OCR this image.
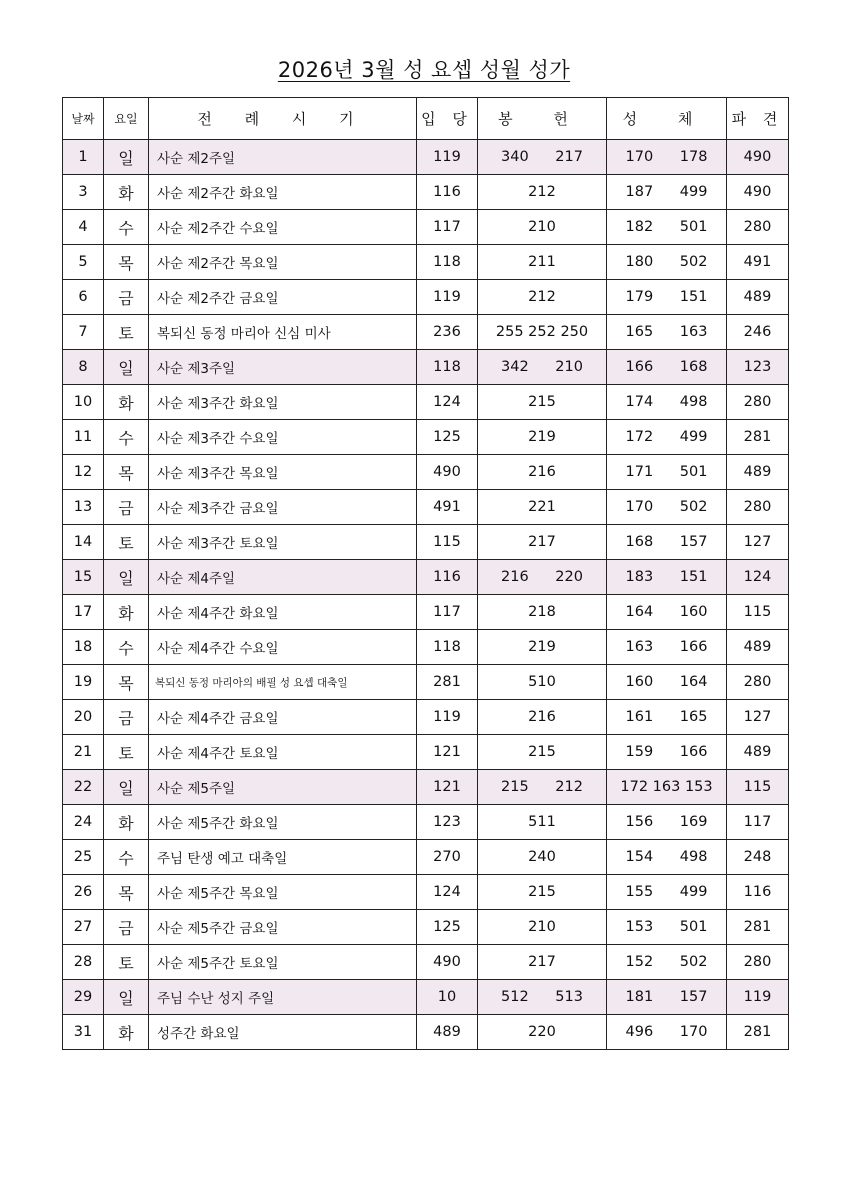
2026년 3월 성 요셉 성월 성가
날짜	요일	전 례 시 기	입 당	봉 헌	성 체	파 견
1	일	사순 제2주일	119	340 217	170 178	490
3	화	사순 제2주간 화요일	116	212	187 499	490
4	수	사순 제2주간 수요일	117	210	182 501	280
5	목	사순 제2주간 목요일	118	211	180 502	491
6	금	사순 제2주간 금요일	119	212	179 151	489
7	토	복되신 동정 마리아 신심 미사	236	255 252 250	165 163	246
8	일	사순 제3주일	118	342 210	166 168	123
10	화	사순 제3주간 화요일	124	215	174 498	280
11	수	사순 제3주간 수요일	125	219	172 499	281
12	목	사순 제3주간 목요일	490	216	171 501	489
13	금	사순 제3주간 금요일	491	221	170 502	280
14	토	사순 제3주간 토요일	115	217	168 157	127
15	일	사순 제4주일	116	216 220	183 151	124
17	화	사순 제4주간 화요일	117	218	164 160	115
18	수	사순 제4주간 수요일	118	219	163 166	489
19	목	복되신 동정 마리아의 배필 성 요셉 대축일	281	510	160 164	280
20	금	사순 제4주간 금요일	119	216	161 165	127
21	토	사순 제4주간 토요일	121	215	159 166	489
22	일	사순 제5주일	121	215 212	172 163 153	115
24	화	사순 제5주간 화요일	123	511	156 169	117
25	수	주님 탄생 예고 대축일	270	240	154 498	248
26	목	사순 제5주간 목요일	124	215	155 499	116
27	금	사순 제5주간 금요일	125	210	153 501	281
28	토	사순 제5주간 토요일	490	217	152 502	280
29	일	주님 수난 성지 주일	10	512 513	181 157	119
31	화	성주간 화요일	489	220	496 170	281
